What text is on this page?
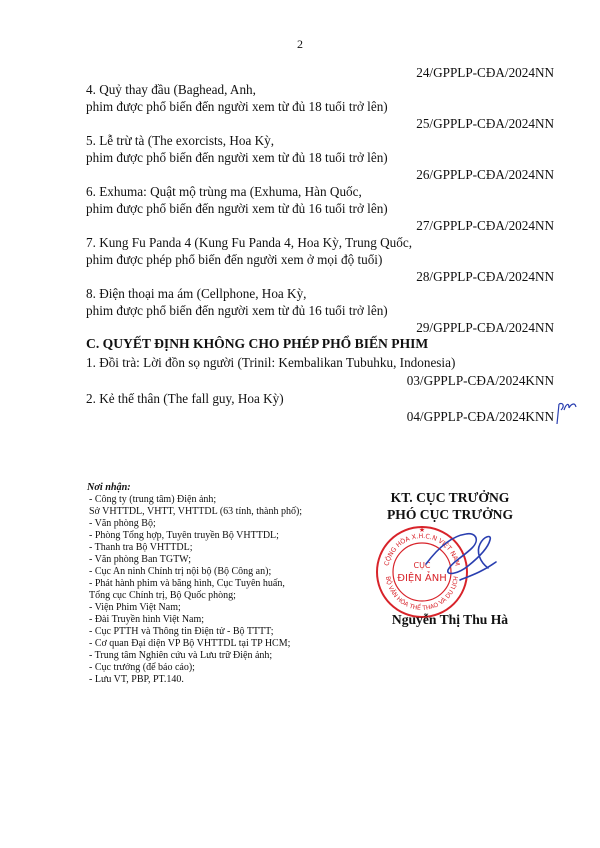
2
24/GPPLP-CĐA/2024NN
4. Quỷ thay đầu (Baghead, Anh,
phim được phổ biến đến người xem từ đủ 18 tuổi trở lên)
25/GPPLP-CĐA/2024NN
5. Lễ trừ tà (The exorcists, Hoa Kỳ,
phim được phổ biến đến người xem từ đủ 18 tuổi trở lên)
26/GPPLP-CĐA/2024NN
6. Exhuma: Quật mộ trùng ma (Exhuma, Hàn Quốc,
phim được phổ biến đến người xem từ đủ 16 tuổi trở lên)
27/GPPLP-CĐA/2024NN
7. Kung Fu Panda 4 (Kung Fu Panda 4, Hoa Kỳ, Trung Quốc,
phim được phép phổ biến đến người xem ở mọi độ tuổi)
28/GPPLP-CĐA/2024NN
8. Điện thoại ma ám (Cellphone, Hoa Kỳ,
phim được phổ biến đến người xem từ đủ 16 tuổi trở lên)
29/GPPLP-CĐA/2024NN
C. QUYẾT ĐỊNH KHÔNG CHO PHÉP PHỔ BIẾN PHIM
1. Đồi trà: Lời đồn sọ người (Trinil: Kembalikan Tubuhku, Indonesia)
03/GPPLP-CĐA/2024KNN
2. Kẻ thế thân (The fall guy, Hoa Kỳ)
04/GPPLP-CĐA/2024KNN
Nơi nhận:
- Công ty (trung tâm) Điện ảnh;
Sở VHTTDL, VHTT, VHTTDL (63 tỉnh, thành phố);
- Văn phòng Bộ;
- Phòng Tổng hợp, Tuyên truyền Bộ VHTTDL;
- Thanh tra Bộ VHTTDL;
- Văn phòng Ban TGTW;
- Cục An ninh Chính trị nội bộ (Bộ Công an);
- Phát hành phim và băng hình, Cục Tuyên huấn,
Tổng cục Chính trị, Bộ Quốc phòng;
- Viện Phim Việt Nam;
- Đài Truyền hình Việt Nam;
- Cục PTTH và Thông tin Điện tử - Bộ TTTT;
- Cơ quan Đại diện VP Bộ VHTTDL tại TP HCM;
- Trung tâm Nghiên cứu và Lưu trữ Điện ảnh;
- Cục trưởng (để báo cáo);
- Lưu VT, PBP, PT.140.
KT. CỤC TRƯỞNG
PHÓ CỤC TRƯỞNG
CỘNG HÒA X.H.C.N VIỆT NAM
BỘ VĂN HÓA THỂ THAO VÀ DU LỊCH
CỤC
ĐIỆN ẢNH
★
Nguyễn Thị Thu Hà
